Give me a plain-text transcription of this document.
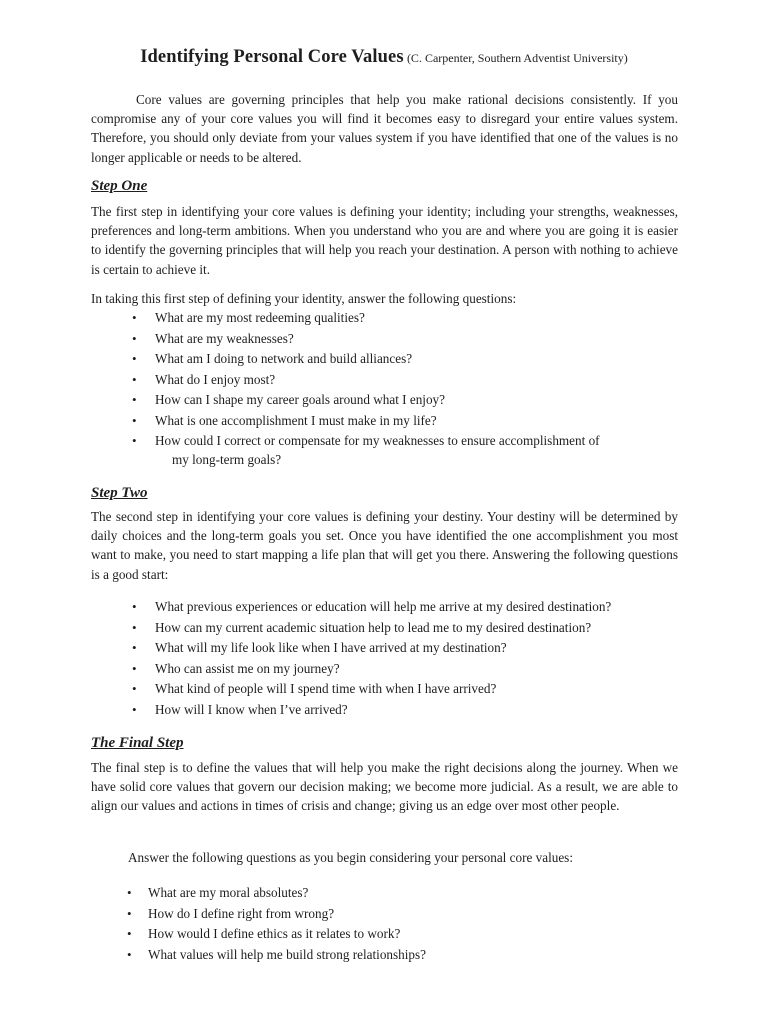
Identifying Personal Core Values (C. Carpenter, Southern Adventist University)

Core values are governing principles that help you make rational decisions consistently. If you compromise any of your core values you will find it becomes easy to disregard your entire values system. Therefore, you should only deviate from your values system if you have identified that one of the values is no longer applicable or needs to be altered.

Step One

The first step in identifying your core values is defining your identity; including your strengths, weaknesses, preferences and long-term ambitions. When you understand who you are and where you are going it is easier to identify the governing principles that will help you reach your destination. A person with nothing to achieve is certain to achieve it.

In taking this first step of defining your identity, answer the following questions:

• What are my most redeeming qualities?
• What are my weaknesses?
• What am I doing to network and build alliances?
• What do I enjoy most?
• How can I shape my career goals around what I enjoy?
• What is one accomplishment I must make in my life?
• How could I correct or compensate for my weaknesses to ensure accomplishment of
my long-term goals?
Step Two

The second step in identifying your core values is defining your destiny. Your destiny will be determined by daily choices and the long-term goals you set. Once you have identified the one accomplishment you most want to make, you need to start mapping a life plan that will get you there. Answering the following questions is a good start:

• What previous experiences or education will help me arrive at my desired destination?
• How can my current academic situation help to lead me to my desired destination?
• What will my life look like when I have arrived at my destination?
• Who can assist me on my journey?
• What kind of people will I spend time with when I have arrived?
• How will I know when I’ve arrived?
The Final Step

The final step is to define the values that will help you make the right decisions along the journey. When we have solid core values that govern our decision making; we become more judicial. As a result, we are able to align our values and actions in times of crisis and change; giving us an edge over most other people.

Answer the following questions as you begin considering your personal core values:

• What are my moral absolutes?
• How do I define right from wrong?
• How would I define ethics as it relates to work?
• What values will help me build strong relationships?
